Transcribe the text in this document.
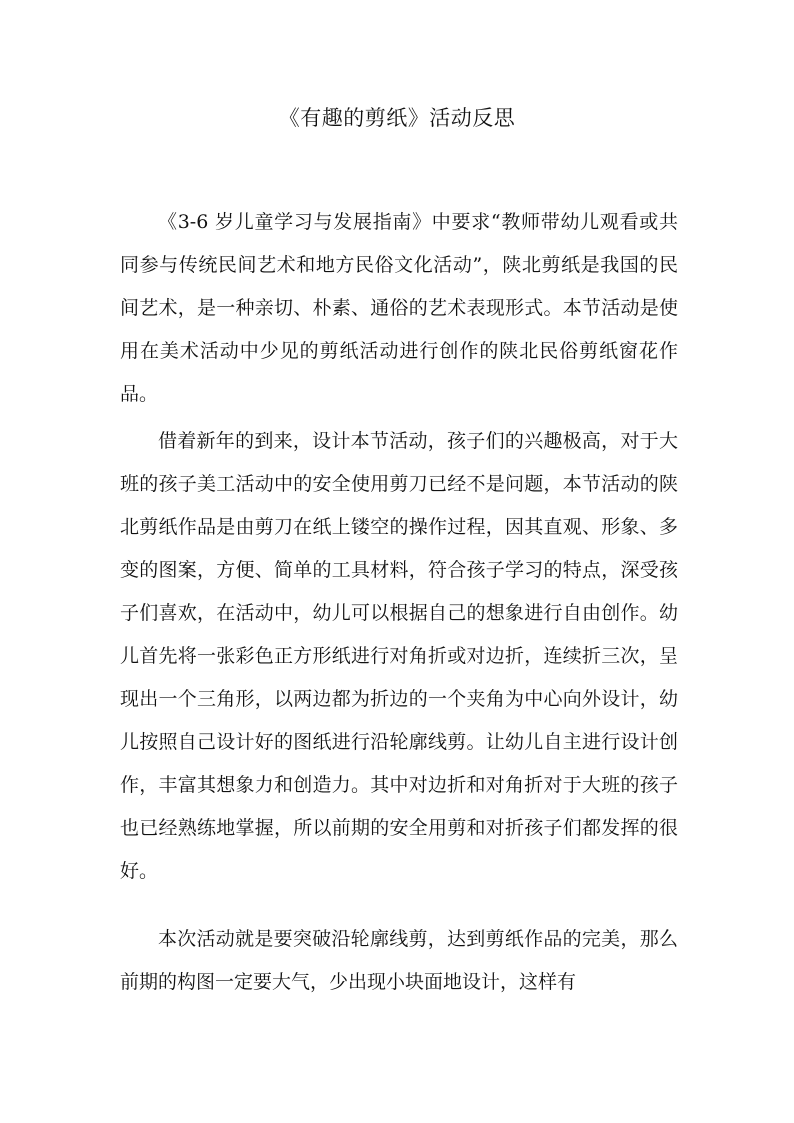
《有趣的剪纸》活动反思

《3-6 岁儿童学习与发展指南》中要求“教师带幼儿观看或共同参与传统民间艺术和地方民俗文化活动”，陕北剪纸是我国的民间艺术，是一种亲切、朴素、通俗的艺术表现形式。本节活动是使用在美术活动中少见的剪纸活动进行创作的陕北民俗剪纸窗花作品。

借着新年的到来，设计本节活动，孩子们的兴趣极高，对于大班的孩子美工活动中的安全使用剪刀已经不是问题，本节活动的陕北剪纸作品是由剪刀在纸上镂空的操作过程，因其直观、形象、多变的图案，方便、简单的工具材料，符合孩子学习的特点，深受孩子们喜欢，在活动中，幼儿可以根据自己的想象进行自由创作。幼儿首先将一张彩色正方形纸进行对角折或对边折，连续折三次，呈现出一个三角形，以两边都为折边的一个夹角为中心向外设计，幼儿按照自己设计好的图纸进行沿轮廓线剪。让幼儿自主进行设计创作，丰富其想象力和创造力。其中对边折和对角折对于大班的孩子也已经熟练地掌握，所以前期的安全用剪和对折孩子们都发挥的很好。

本次活动就是要突破沿轮廓线剪，达到剪纸作品的完美，那么前期的构图一定要大气，少出现小块面地设计，这样有
